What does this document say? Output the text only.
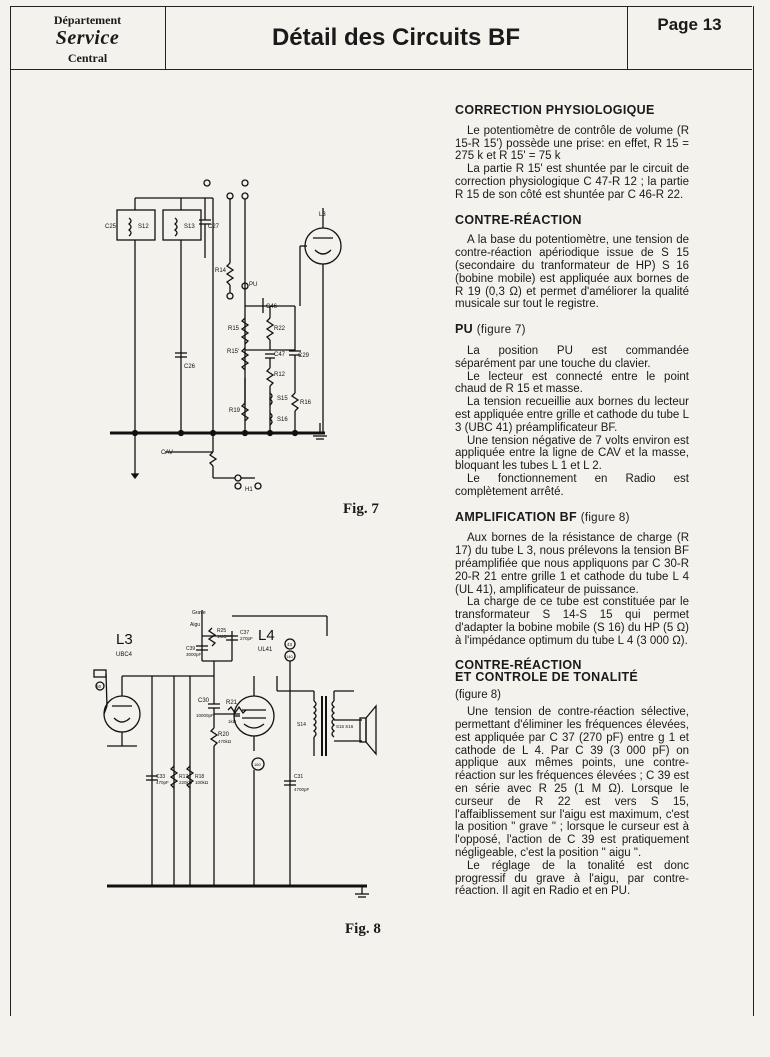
Département
Service
Central
Détail des Circuits BF	Page 13
C25	S12	S13 C27
C26
R14
PU
C46
R15	R22
R15'	C47 C29
R12
S15
R19
R16
S16
L3
CAV
H1
Fig. 7
L3
UBC4
L4
UL41
Grave
Aigu
R25
1MΩ
C37
270pF
C39
3000pF
C30
10000pF
R21
1kΩ
R20
470kΩ
C33
470pF
R17
220kΩ
R18
100kΩ
C31
4700pF
S14	S15 S16
43
140
160
60
Fig. 8
CORRECTION PHYSIOLOGIQUE

Le potentiomètre de contrôle de volume (R 15-R 15') possède une prise: en effet, R 15 = 275 k et R 15' = 75 k

La partie R 15' est shuntée par le circuit de correction physiologique C 47-R 12 ; la partie R 15 de son côté est shuntée par C 46-R 22.

CONTRE-RÉACTION

A la base du potentiomètre, une tension de contre-réaction apériodique issue de S 15 (secondaire du tranformateur de HP) S 16 (bobine mobile) est appliquée aux bornes de R 19 (0,3 Ω) et permet d'améliorer la qualité musicale sur tout le registre.

PU (figure 7)

La position PU est commandée séparément par une touche du clavier.

Le lecteur est connecté entre le point chaud de R 15 et masse.

La tension recueillie aux bornes du lecteur est appliquée entre grille et cathode du tube L 3 (UBC 41) préamplificateur BF.

Une tension négative de 7 volts environ est appliquée entre la ligne de CAV et la masse, bloquant les tubes L 1 et L 2.

Le fonctionnement en Radio est complètement arrêté.

AMPLIFICATION BF (figure 8)

Aux bornes de la résistance de charge (R 17) du tube L 3, nous prélevons la tension BF préamplifiée que nous appliquons par C 30-R 20-R 21 entre grille 1 et cathode du tube L 4 (UL 41), amplificateur de puissance.

La charge de ce tube est constituée par le transformateur S 14-S 15 qui permet d'adapter la bobine mobile (S 16) du HP (5 Ω) à l'impédance optimum du tube L 4 (3 000 Ω).

CONTRE-RÉACTION
ET CONTROLE DE TONALITÉ
(figure 8)

Une tension de contre-réaction sélective, permettant d'éliminer les fréquences élevées, est appliquée par C 37 (270 pF) entre g 1 et cathode de L 4. Par C 39 (3 000 pF) on applique aux mêmes points, une contre-réaction sur les fréquences élevées ; C 39 est en série avec R 25 (1 M Ω). Lorsque le curseur de R 22 est vers S 15, l'affaiblissement sur l'aigu est maximum, c'est la position " grave " ; lorsque le curseur est à l'opposé, l'action de C 39 est pratiquement négligeable, c'est la position " aigu ".

Le réglage de la tonalité est donc progressif du grave à l'aigu, par contre-réaction. Il agit en Radio et en PU.
